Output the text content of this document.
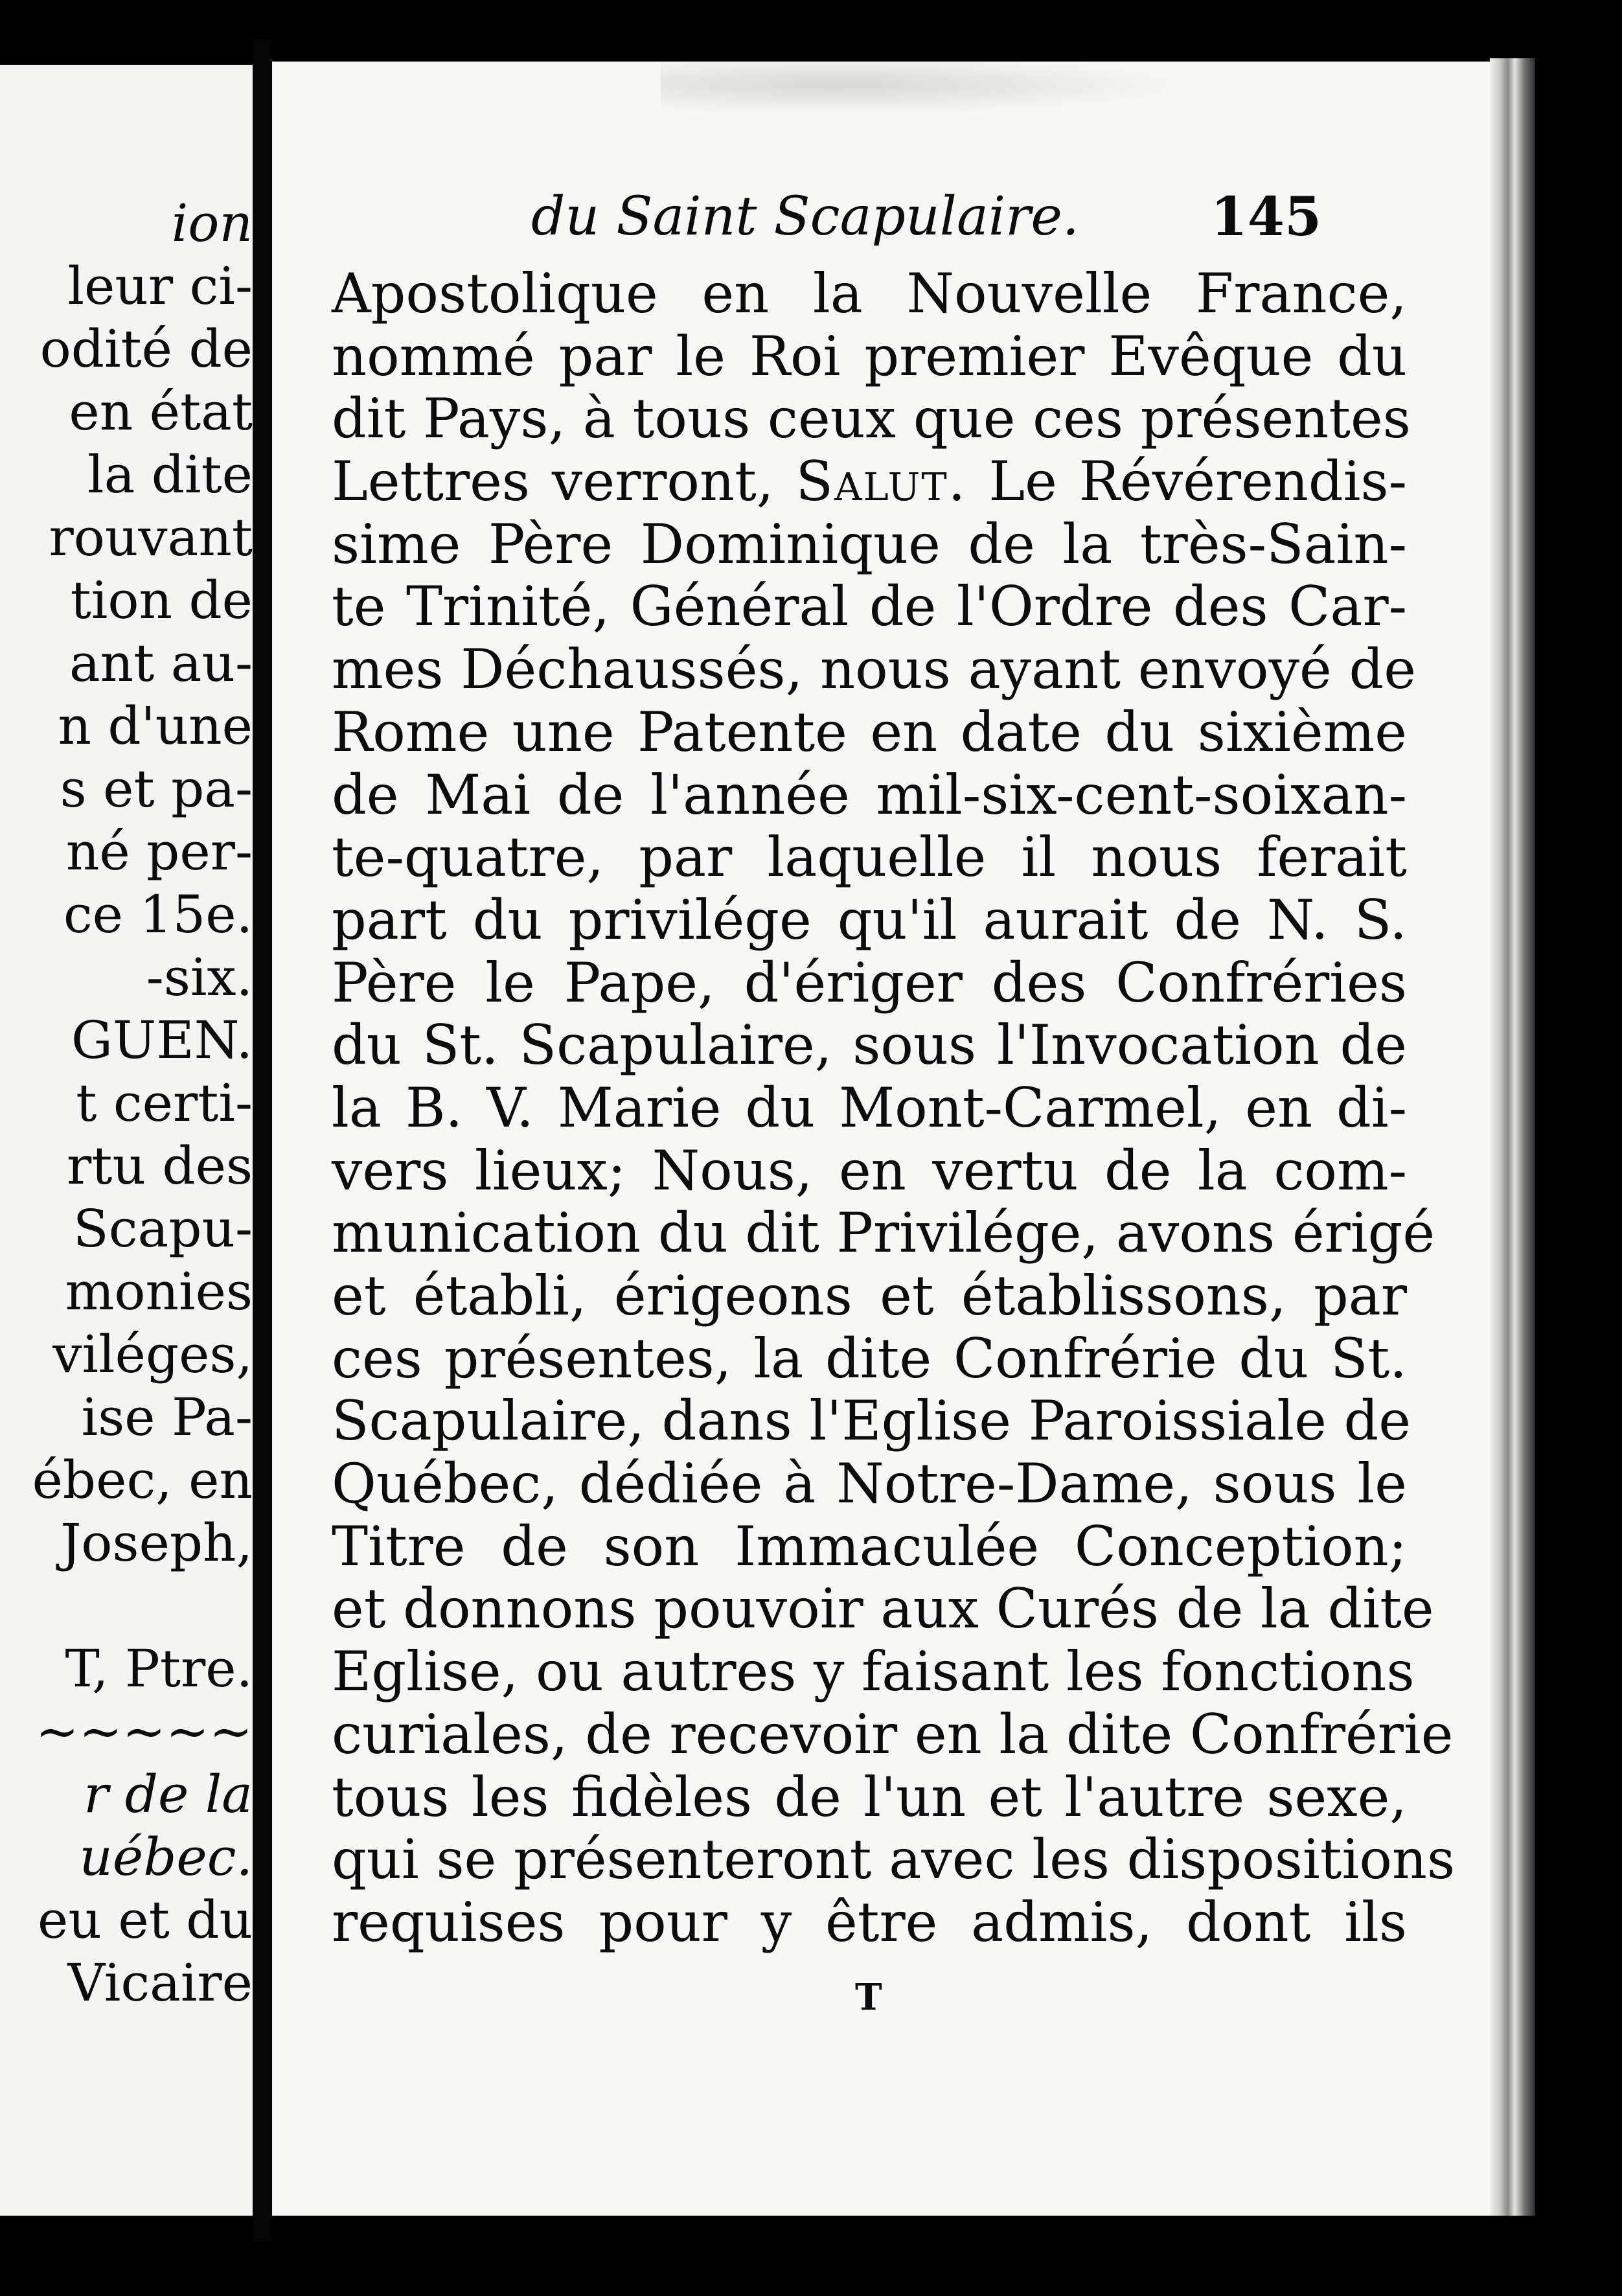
ion
leur ci-
odité de
en état
la dite
rouvant
tion de
ant au-
n d'une
s et pa-
né per-
ce 15e.
-six.
GUEN.
t certi-
rtu des
Scapu-
monies
viléges,
ise Pa-
ébec, en
Joseph,
T, Ptre.
~~~~~
r de la
uébec.
eu et du
Vicaire
du Saint Scapulaire. 145
Apostolique en la Nouvelle France,
nommé par le Roi premier Evêque du
dit Pays, à tous ceux que ces présentes
Lettres verront, Salut. Le Révérendis-
sime Père Dominique de la très-Sain-
te Trinité, Général de l'Ordre des Car-
mes Déchaussés, nous ayant envoyé de
Rome une Patente en date du sixième
de Mai de l'année mil-six-cent-soixan-
te-quatre, par laquelle il nous ferait
part du privilége qu'il aurait de N. S.
Père le Pape, d'ériger des Confréries
du St. Scapulaire, sous l'Invocation de
la B. V. Marie du Mont-Carmel, en di-
vers lieux; Nous, en vertu de la com-
munication du dit Privilége, avons érigé
et établi, érigeons et établissons, par
ces présentes, la dite Confrérie du St.
Scapulaire, dans l'Eglise Paroissiale de
Québec, dédiée à Notre-Dame, sous le
Titre de son Immaculée Conception;
et donnons pouvoir aux Curés de la dite
Eglise, ou autres y faisant les fonctions
curiales, de recevoir en la dite Confrérie
tous les fidèles de l'un et l'autre sexe,
qui se présenteront avec les dispositions
requises pour y être admis, dont ils
T
